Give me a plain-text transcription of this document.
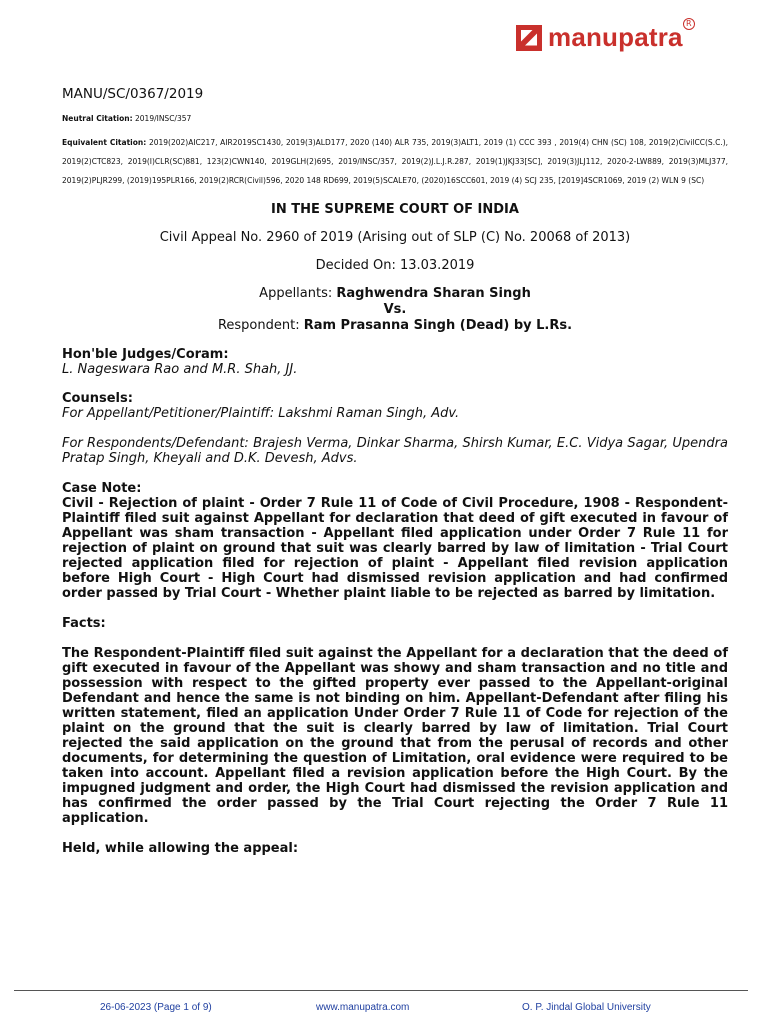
manupatra R

MANU/SC/0367/2019

Neutral Citation: 2019/INSC/357

Equivalent Citation: 2019(202)AIC217, AIR2019SC1430, 2019(3)ALD177, 2020 (140) ALR 735, 2019(3)ALT1, 2019 (1) CCC 393 , 2019(4) CHN (SC) 108, 2019(2)CivilCC(S.C.), 2019(2)CTC823, 2019(I)CLR(SC)881, 123(2)CWN140, 2019GLH(2)695, 2019/INSC/357, 2019(2)J.L.J.R.287, 2019(1)JKJ33[SC], 2019(3)JLJ112, 2020-2-LW889, 2019(3)MLJ377, 2019(2)PLJR299, (2019)195PLR166, 2019(2)RCR(Civil)596, 2020 148 RD699, 2019(5)SCALE70, (2020)16SCC601, 2019 (4) SCJ 235, [2019]4SCR1069, 2019 (2) WLN 9 (SC)

IN THE SUPREME COURT OF INDIA

Civil Appeal No. 2960 of 2019 (Arising out of SLP (C) No. 20068 of 2013)

Decided On: 13.03.2019

Appellants: Raghwendra Sharan Singh
Vs.
Respondent: Ram Prasanna Singh (Dead) by L.Rs.
Hon'ble Judges/Coram:
L. Nageswara Rao and M.R. Shah, JJ.
Counsels:
For Appellant/Petitioner/Plaintiff: Lakshmi Raman Singh, Adv.
For Respondents/Defendant: Brajesh Verma, Dinkar Sharma, Shirsh Kumar, E.C. Vidya Sagar, Upendra Pratap Singh, Kheyali and D.K. Devesh, Advs.
Case Note:
Civil - Rejection of plaint - Order 7 Rule 11 of Code of Civil Procedure, 1908 - Respondent-Plaintiff filed suit against Appellant for declaration that deed of gift executed in favour of Appellant was sham transaction - Appellant filed application under Order 7 Rule 11 for rejection of plaint on ground that suit was clearly barred by law of limitation - Trial Court rejected application filed for rejection of plaint - Appellant filed revision application before High Court - High Court had dismissed revision application and had confirmed order passed by Trial Court - Whether plaint liable to be rejected as barred by limitation.
Facts:
The Respondent-Plaintiff filed suit against the Appellant for a declaration that the deed of gift executed in favour of the Appellant was showy and sham transaction and no title and possession with respect to the gifted property ever passed to the Appellant-original Defendant and hence the same is not binding on him. Appellant-Defendant after filing his written statement, filed an application Under Order 7 Rule 11 of Code for rejection of the plaint on the ground that the suit is clearly barred by law of limitation. Trial Court rejected the said application on the ground that from the perusal of records and other documents, for determining the question of Limitation, oral evidence were required to be taken into account. Appellant filed a revision application before the High Court. By the impugned judgment and order, the High Court had dismissed the revision application and has confirmed the order passed by the Trial Court rejecting the Order 7 Rule 11 application.
Held, while allowing the appeal:
26-06-2023 (Page 1 of 9)	www.manupatra.com	O. P. Jindal Global University
